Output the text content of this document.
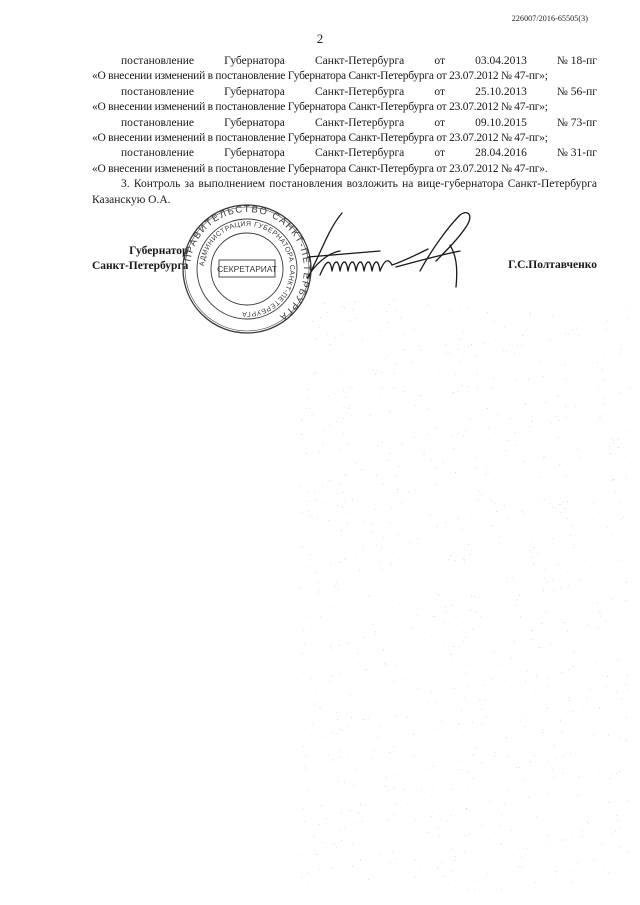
226007/2016-65505(3)
2
постановление	Губернатора	Санкт-Петербурга	от	03.04.2013	№ 18-пг
«О внесении изменений в постановление Губернатора Санкт-Петербурга от 23.07.2012 № 47-пг»;
постановление	Губернатора	Санкт-Петербурга	от	25.10.2013	№ 56-пг
«О внесении изменений в постановление Губернатора Санкт-Петербурга от 23.07.2012 № 47-пг»;
постановление	Губернатора	Санкт-Петербурга	от	09.10.2015	№ 73-пг
«О внесении изменений в постановление Губернатора Санкт-Петербурга от 23.07.2012 № 47-пг»;
постановление	Губернатора	Санкт-Петербурга	от	28.04.2016	№ 31-пг
«О внесении изменений в постановление Губернатора Санкт-Петербурга от 23.07.2012 № 47-пг».
3. Контроль за выполнением постановления возложить на вице-губернатора Санкт-Петербурга Казанскую О.А.
Губернатор
Санкт-Петербурга
ПРАВИТЕЛЬСТВО САНКТ-ПЕТЕРБУРГА
АДМИНИСТРАЦИЯ ГУБЕРНАТОРА САНКТ-ПЕТЕРБУРГА
СЕКРЕТАРИАТ	Г.С.Полтавченко
